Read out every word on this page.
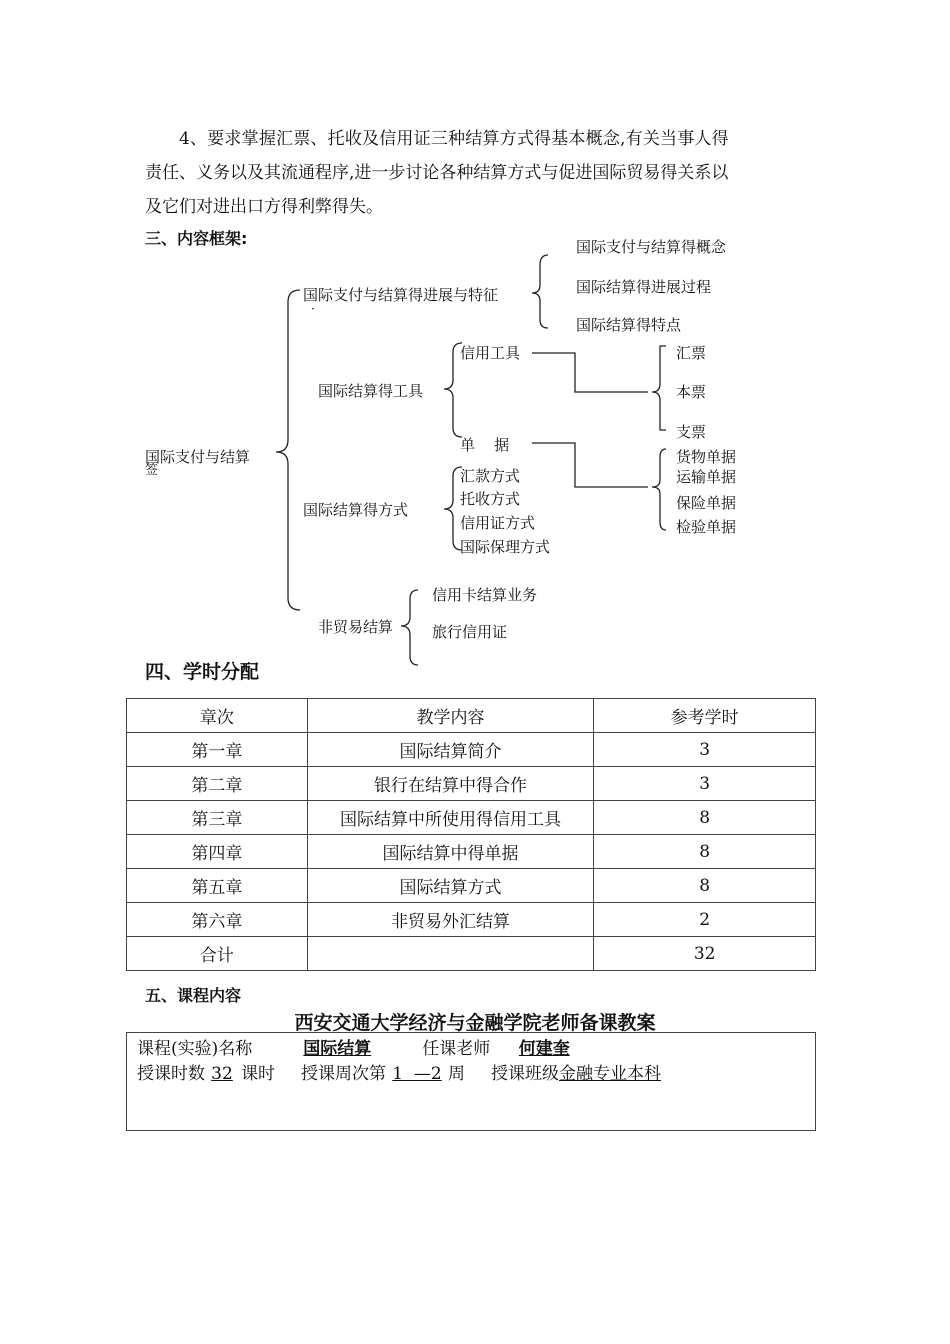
4、要求掌握汇票、托收及信用证三种结算方式得基本概念,有关当事人得

责任、义务以及其流通程序,进一步讨论各种结算方式与促进国际贸易得关系以
及它们对进出口方得利弊得失。
三、内容框架:
国际支付与结算
签
国际支付与结算得进展与特征
·
国际支付与结算得概念
国际结算得进展过程
国际结算得特点
国际结算得工具
信用工具	汇票
本票
支票
单    据
货物单据
运输单据
保险单据
检验单据
国际结算得方式
汇款方式
托收方式
信用证方式
国际保理方式
非贸易结算
信用卡结算业务
旅行信用证
四、学时分配
章次	教学内容	参考学时
第一章	国际结算简介	3
第二章	银行在结算中得合作	3
第三章	国际结算中所使用得信用工具	8
第四章	国际结算中得单据	8
第五章	国际结算方式	8
第六章	非贸易外汇结算	2
合计		32
五、课程内容
西安交通大学经济与金融学院老师备课教案
课程(实验)名称	国际结算	任课老师 何建奎
授课时数 32 课时 授课周次第 1  —2 周 授课班级金融专业本科
